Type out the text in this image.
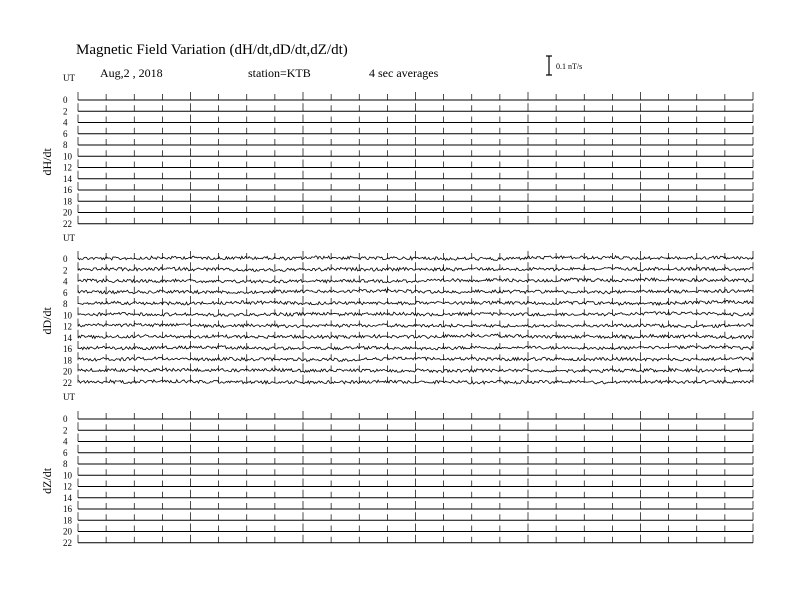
Magnetic Field Variation (dH/dt,dD/dt,dZ/dt)
Aug,2 , 2018	station=KTB	4 sec averages	0.1 nT/s
UT
dH/dt
0
2
4
6
8
10
12
14
16
18
20
22
UT
dD/dt
0
2
4
6
8
10
12
14
16
18
20
22
UT
dZ/dt
0
2
4
6
8
10
12
14
16
18
20
22
